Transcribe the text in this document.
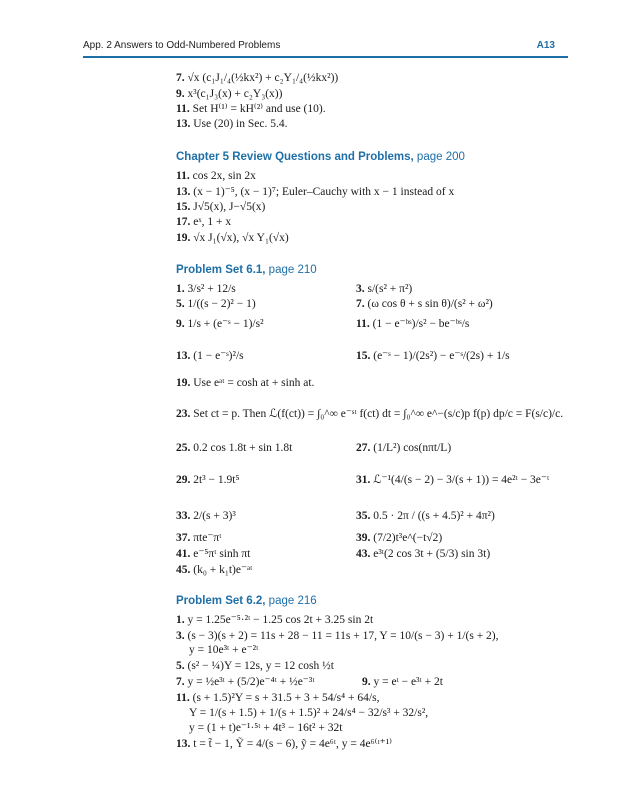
App. 2 Answers to Odd-Numbered Problems	A13
7. √x (c₁J₁/₄(½kx²) + c₂Y₁/₄(½kx²))
9. x³(c₁J₃(x) + c₂Y₃(x))
11. Set H⁽¹⁾ = kH⁽²⁾ and use (10).
13. Use (20) in Sec. 5.4.
Chapter 5 Review Questions and Problems, page 200
11. cos 2x, sin 2x
13. (x − 1)⁻⁵, (x − 1)⁷; Euler–Cauchy with x − 1 instead of x
15. J√5(x), J−√5(x)
17. eˣ, 1 + x
19. √x J₁(√x), √x Y₁(√x)
Problem Set 6.1, page 210
1. 3/s² + 12/s	3. s/(s² + π²)
5. 1/((s − 2)² − 1)	7. (ω cos θ + s sin θ)/(s² + ω²)
9. 1/s + (e⁻ˢ − 1)/s²	11. (1 − e⁻ᵇˢ)/s² − be⁻ᵇˢ/s
13. (1 − e⁻ˢ)²/s	15. (e⁻ˢ − 1)/(2s²) − e⁻ˢ/(2s) + 1/s
19. Use eᵃᵗ = cosh at + sinh at.
23. Set ct = p. Then ℒ(f(ct)) = ∫₀^∞ e⁻ˢᵗ f(ct) dt = ∫₀^∞ e^−(s/c)p f(p) dp/c = F(s/c)/c.
25. 0.2 cos 1.8t + sin 1.8t	27. (1/L²) cos(nπt/L)
29. 2t³ − 1.9t⁵	31. ℒ⁻¹(4/(s − 2) − 3/(s + 1)) = 4e²ᵗ − 3e⁻ᵗ
33. 2/(s + 3)³	35. 0.5 · 2π / ((s + 4.5)² + 4π²)
37. πte⁻πᵗ	39. (7/2)t³e^(−t√2)
41. e⁻⁵πᵗ sinh πt	43. e³ᵗ(2 cos 3t + (5/3) sin 3t)
45. (k₀ + k₁t)e⁻ᵃᵗ
Problem Set 6.2, page 216
1. y = 1.25e⁻⁵·²ᵗ − 1.25 cos 2t + 3.25 sin 2t
3. (s − 3)(s + 2) = 11s + 28 − 11 = 11s + 17, Y = 10/(s − 3) + 1/(s + 2),
y = 10e³ᵗ + e⁻²ᵗ
5. (s² − ¼)Y = 12s, y = 12 cosh ½t
7. y = ½e³ᵗ + (5/2)e⁻⁴ᵗ + ½e⁻³ᵗ	9. y = eᵗ − e³ᵗ + 2t
11. (s + 1.5)²Y = s + 31.5 + 3 + 54/s⁴ + 64/s,
Y = 1/(s + 1.5) + 1/(s + 1.5)² + 24/s⁴ − 32/s³ + 32/s²,
y = (1 + t)e⁻¹·⁵ᵗ + 4t³ − 16t² + 32t
13. t = t̃ − 1, Ỹ = 4/(s − 6), ỹ = 4e⁶ᵗ, y = 4e⁶⁽ᵗ⁺¹⁾
